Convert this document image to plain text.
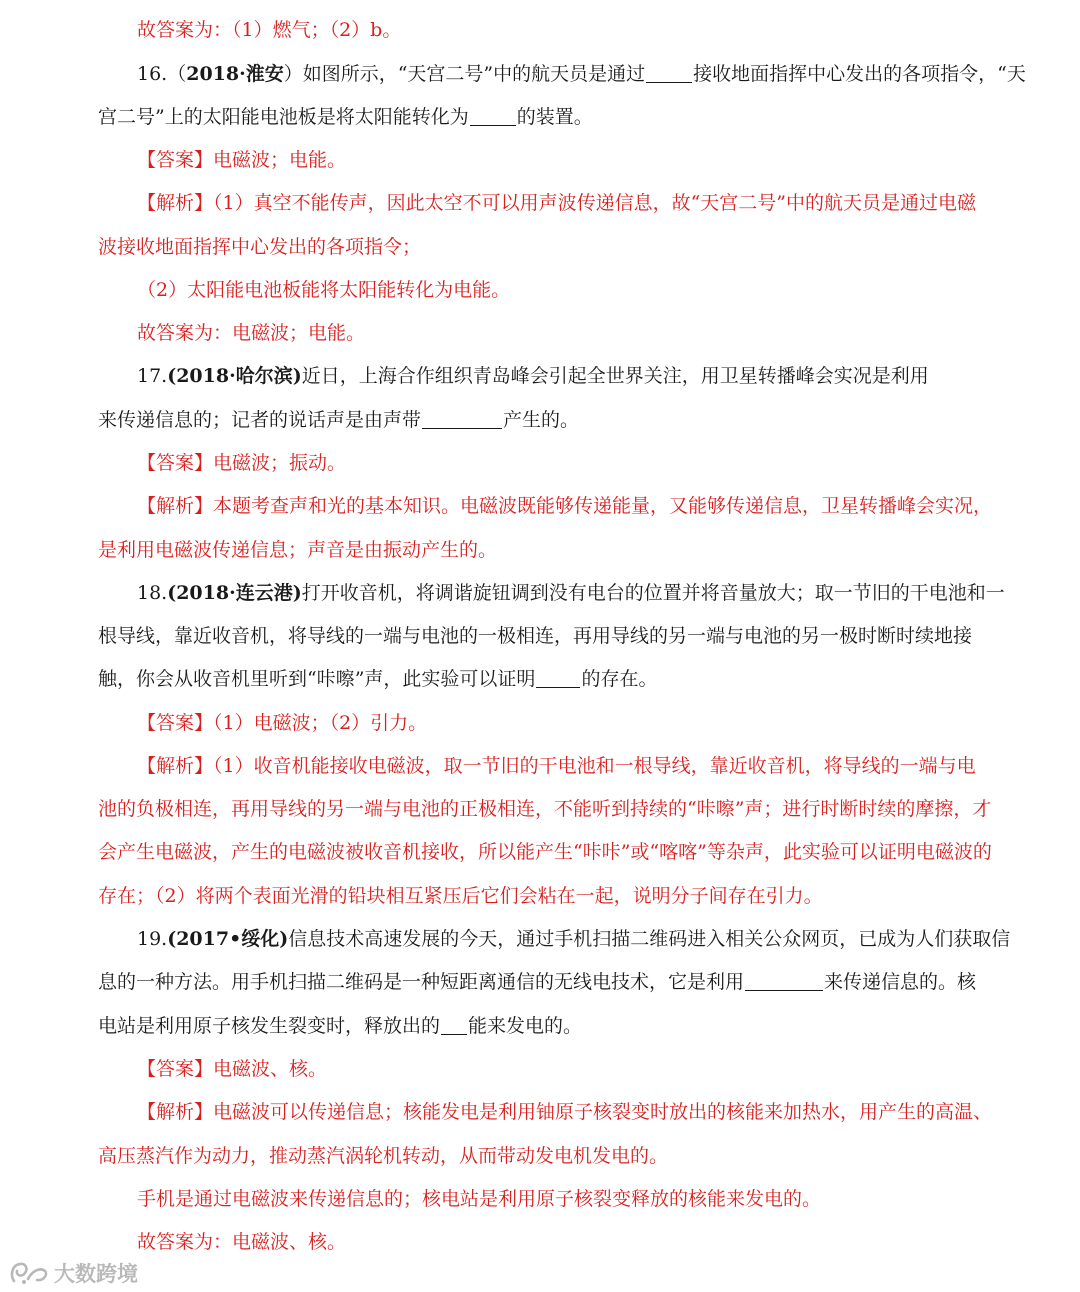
故答案为：（1）燃气；（2）b。
16.（2018·淮安）如图所示，“天宫二号”中的航天员是通过	接收地面指挥中心发出的各项指令，“天
宫二号”上的太阳能电池板是将太阳能转化为	的装置。
【答案】电磁波；电能。
【解析】（1）真空不能传声，因此太空不可以用声波传递信息，故“天宫二号”中的航天员是通过电磁
波接收地面指挥中心发出的各项指令；
（2）太阳能电池板能将太阳能转化为电能。
故答案为：电磁波；电能。
17.(2018·哈尔滨)近日，上海合作组织青岛峰会引起全世界关注，用卫星转播峰会实况是利用
来传递信息的；记者的说话声是由声带	产生的。
【答案】电磁波；振动。
【解析】本题考查声和光的基本知识。电磁波既能够传递能量，又能够传递信息，卫星转播峰会实况，
是利用电磁波传递信息；声音是由振动产生的。
18.(2018·连云港)打开收音机，将调谐旋钮调到没有电台的位置并将音量放大；取一节旧的干电池和一
根导线，靠近收音机，将导线的一端与电池的一极相连，再用导线的另一端与电池的另一极时断时续地接
触，你会从收音机里听到“咔嚓”声，此实验可以证明 的存在。
【答案】（1）电磁波；（2）引力。
【解析】（1）收音机能接收电磁波，取一节旧的干电池和一根导线，靠近收音机，将导线的一端与电
池的负极相连，再用导线的另一端与电池的正极相连，不能听到持续的“咔嚓”声；进行时断时续的摩擦，才
会产生电磁波，产生的电磁波被收音机接收，所以能产生“咔咔”或“喀喀”等杂声，此实验可以证明电磁波的
存在；（2）将两个表面光滑的铅块相互紧压后它们会粘在一起，说明分子间存在引力。
19.(2017•绥化)信息技术高速发展的今天，通过手机扫描二维码进入相关公众网页，已成为人们获取信
息的一种方法。用手机扫描二维码是一种短距离通信的无线电技术，它是利用	来传递信息的。核
电站是利用原子核发生裂变时，释放出的 能来发电的。
【答案】电磁波、核。
【解析】电磁波可以传递信息；核能发电是利用铀原子核裂变时放出的核能来加热水，用产生的高温、
高压蒸汽作为动力，推动蒸汽涡轮机转动，从而带动发电机发电的。
手机是通过电磁波来传递信息的；核电站是利用原子核裂变释放的核能来发电的。
故答案为：电磁波、核。
大数跨境
